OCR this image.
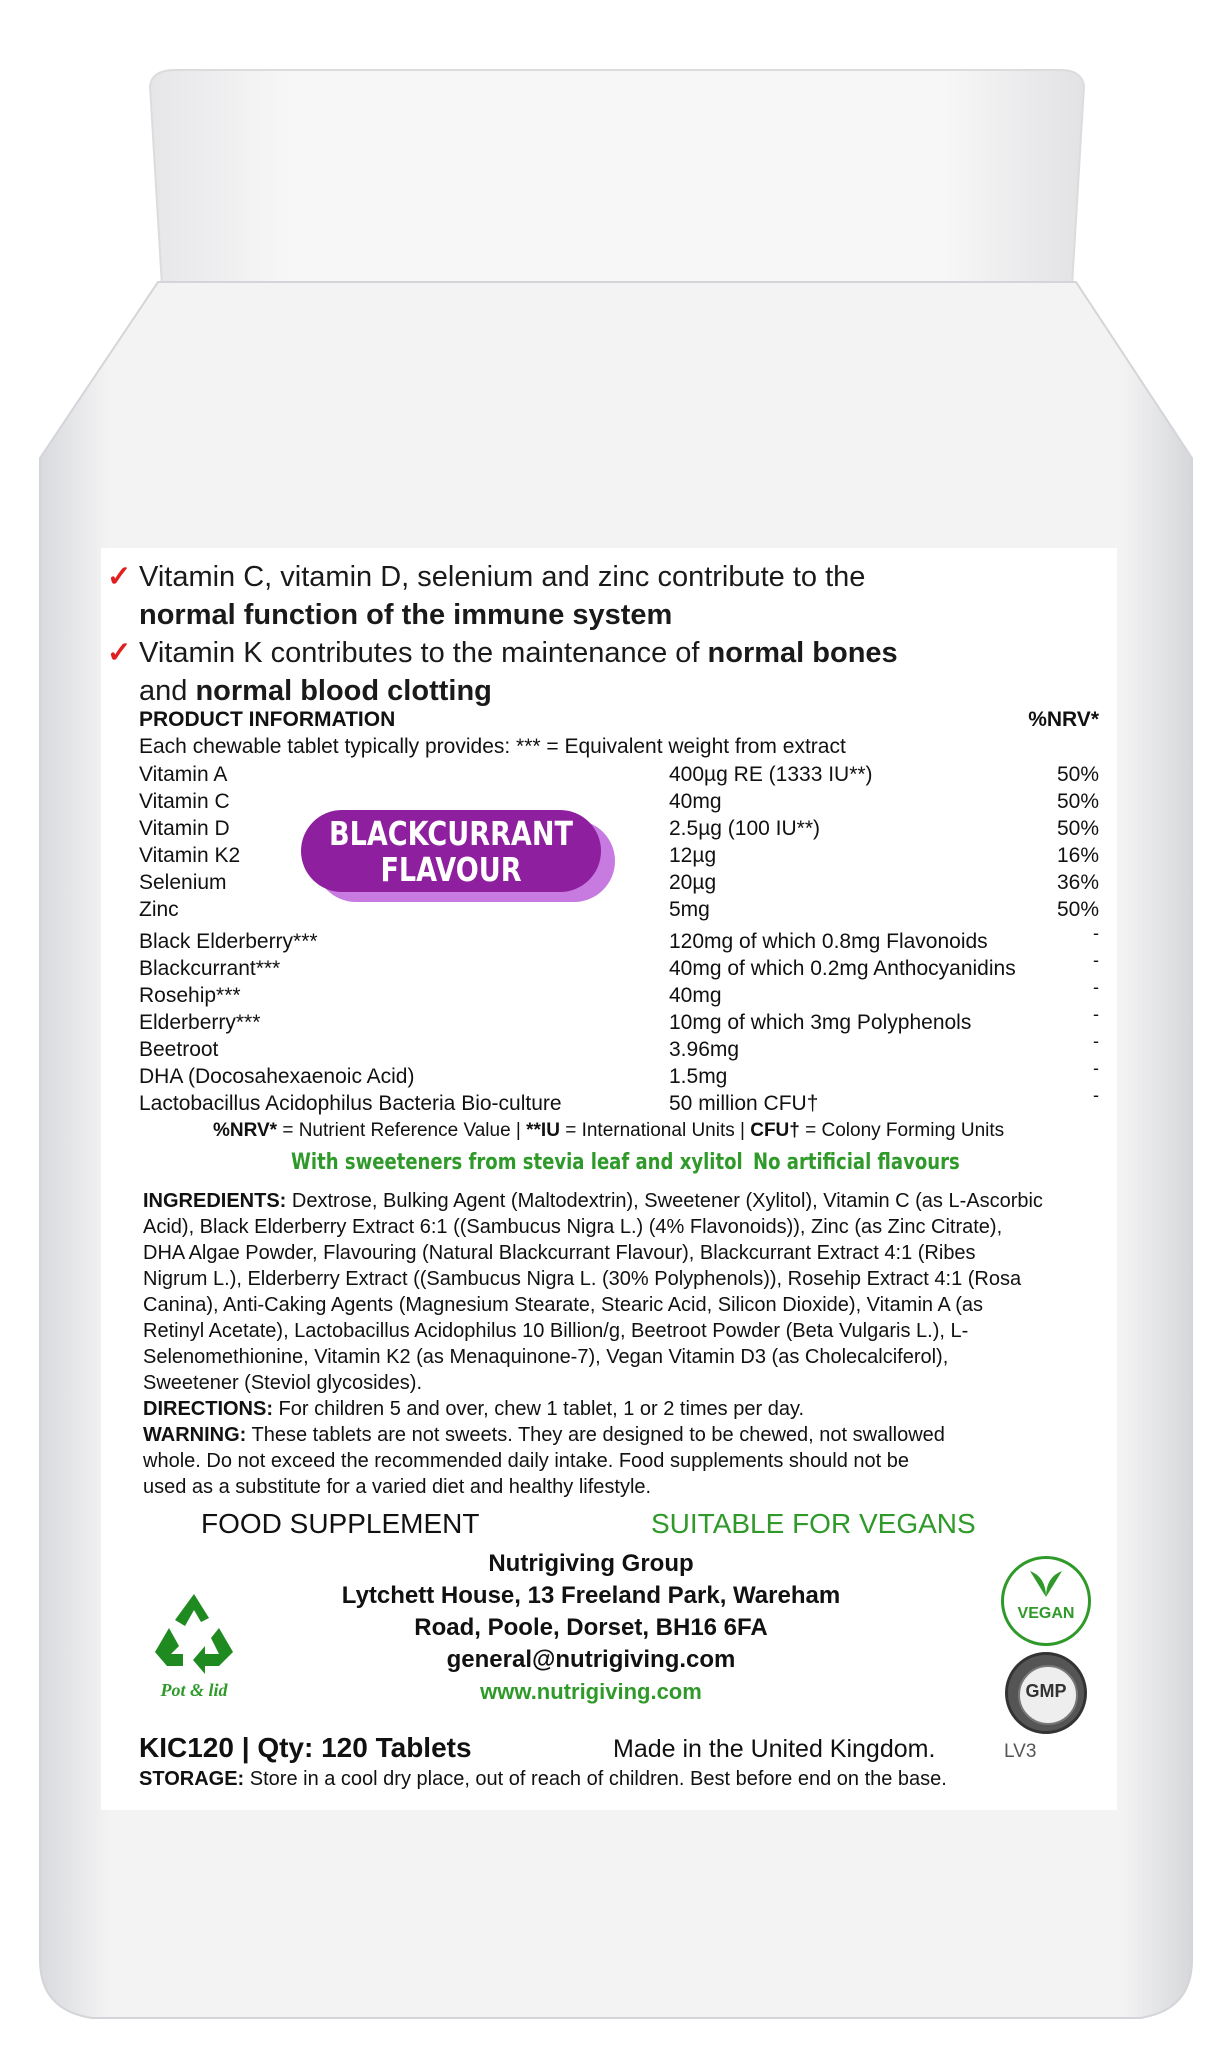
✓ Vitamin C, vitamin D, selenium and zinc contribute to the
normal function of the immune system
✓ Vitamin K contributes to the maintenance of normal bones
and normal blood clotting
PRODUCT INFORMATION	%NRV*
Each chewable tablet typically provides: *** = Equivalent weight from extract
Vitamin A	400µg RE (1333 IU**)	50%
Vitamin C	40mg	50%
Vitamin D	2.5µg (100 IU**)	50%
Vitamin K2	12µg	16%
Selenium	20µg	36%
Zinc	5mg	50%
Black Elderberry***	120mg of which 0.8mg Flavonoids	-
Blackcurrant***	40mg of which 0.2mg Anthocyanidins	-
Rosehip***	40mg	-
Elderberry***	10mg of which 3mg Polyphenols	-
Beetroot	3.96mg	-
DHA (Docosahexaenoic Acid)	1.5mg	-
Lactobacillus Acidophilus Bacteria Bio-culture	50 million CFU†	-
BLACKCURRANT
FLAVOUR
%NRV* = Nutrient Reference Value | **IU = International Units | CFU† = Colony Forming Units
With sweeteners from stevia leaf and xylitol No artificial flavours
INGREDIENTS: Dextrose, Bulking Agent (Maltodextrin), Sweetener (Xylitol), Vitamin C (as L-Ascorbic
Acid), Black Elderberry Extract 6:1 ((Sambucus Nigra L.) (4% Flavonoids)), Zinc (as Zinc Citrate),
DHA Algae Powder, Flavouring (Natural Blackcurrant Flavour), Blackcurrant Extract 4:1 (Ribes
Nigrum L.), Elderberry Extract ((Sambucus Nigra L. (30% Polyphenols)), Rosehip Extract 4:1 (Rosa
Canina), Anti-Caking Agents (Magnesium Stearate, Stearic Acid, Silicon Dioxide), Vitamin A (as
Retinyl Acetate), Lactobacillus Acidophilus 10 Billion/g, Beetroot Powder (Beta Vulgaris L.), L-
Selenomethionine, Vitamin K2 (as Menaquinone-7), Vegan Vitamin D3 (as Cholecalciferol),
Sweetener (Steviol glycosides).
DIRECTIONS: For children 5 and over, chew 1 tablet, 1 or 2 times per day.
WARNING: These tablets are not sweets. They are designed to be chewed, not swallowed
whole. Do not exceed the recommended daily intake. Food supplements should not be
used as a substitute for a varied diet and healthy lifestyle.
FOOD SUPPLEMENT	SUITABLE FOR VEGANS
Nutrigiving Group
Lytchett House, 13 Freeland Park, Wareham
Road, Poole, Dorset, BH16 6FA
general@nutrigiving.com
www.nutrigiving.com
Pot & lid
VEGAN
GMP
KIC120 | Qty: 120 Tablets	Made in the United Kingdom.	LV3
STORAGE: Store in a cool dry place, out of reach of children. Best before end on the base.
